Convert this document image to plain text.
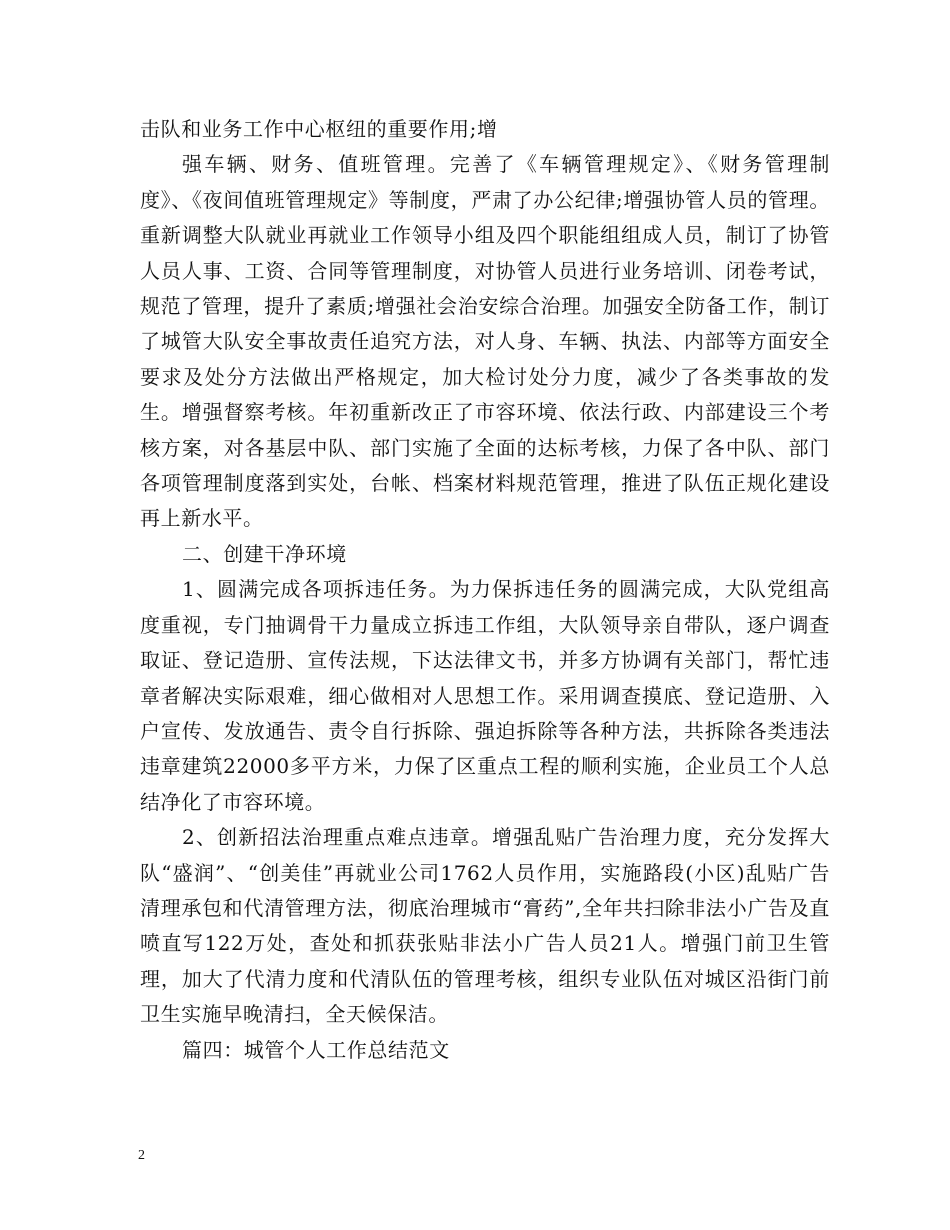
击队和业务工作中心枢纽的重要作用;增

强车辆、财务、值班管理。完善了《车辆管理规定》、《财务管理制度》、《夜间值班管理规定》等制度，严肃了办公纪律;增强协管人员的管理。重新调整大队就业再就业工作领导小组及四个职能组组成人员，制订了协管人员人事、工资、合同等管理制度，对协管人员进行业务培训、闭卷考试，规范了管理，提升了素质;增强社会治安综合治理。加强安全防备工作，制订了城管大队安全事故责任追究方法，对人身、车辆、执法、内部等方面安全要求及处分方法做出严格规定，加大检讨处分力度，减少了各类事故的发生。增强督察考核。年初重新改正了市容环境、依法行政、内部建设三个考核方案，对各基层中队、部门实施了全面的达标考核，力保了各中队、部门各项管理制度落到实处，台帐、档案材料规范管理，推进了队伍正规化建设再上新水平。

二、创建干净环境

1、圆满完成各项拆违任务。为力保拆违任务的圆满完成，大队党组高度重视，专门抽调骨干力量成立拆违工作组，大队领导亲自带队，逐户调查取证、登记造册、宣传法规，下达法律文书，并多方协调有关部门，帮忙违章者解决实际艰难，细心做相对人思想工作。采用调查摸底、登记造册、入户宣传、发放通告、责令自行拆除、强迫拆除等各种方法，共拆除各类违法违章建筑22000多平方米，力保了区重点工程的顺利实施，企业员工个人总结净化了市容环境。

2、创新招法治理重点难点违章。增强乱贴广告治理力度，充分发挥大队“盛润”、“创美佳”再就业公司1762人员作用，实施路段(小区)乱贴广告清理承包和代清管理方法，彻底治理城市“膏药”,全年共扫除非法小广告及直喷直写122万处，查处和抓获张贴非法小广告人员21人。增强门前卫生管理，加大了代清力度和代清队伍的管理考核，组织专业队伍对城区沿街门前卫生实施早晚清扫，全天候保洁。

篇四：城管个人工作总结范文

2
